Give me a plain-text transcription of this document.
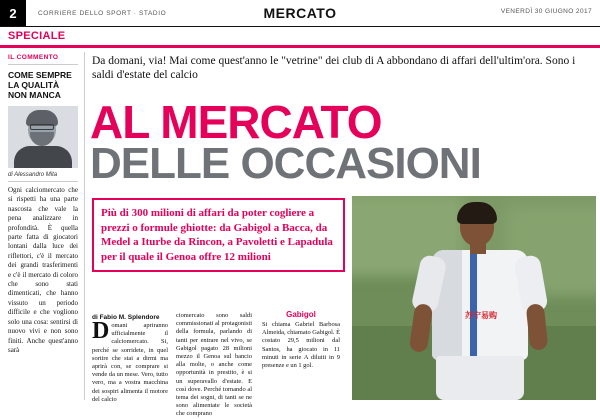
2	CORRIERE DELLO SPORT · STADIO	MERCATO	VENERDÌ 30 GIUGNO 2017
SPECIALE
IL COMMENTO
COME SEMPRE LA QUALITÀ NON MANCA
di Alessandro Mita
Ogni calciomercato che si rispetti ha una parte nascosta che vale la pena analizzare in profondità. È quella parte fatta di giocatori lontani dalla luce dei riflettori, c'è il mercato dei grandi trasferimenti e c'è il mercato di coloro che sono stati dimenticati, che hanno vissuto un periodo difficile e che vogliono solo una cosa: sentirsi di nuovo vivi e non sono finiti. Anche quest'anno sarà
Da domani, via! Mai come quest'anno le "vetrine" dei club di A abbondano di affari dell'ultim'ora. Sono i saldi d'estate del calcio
AL MERCATO
DELLE OCCASIONI
Più di 300 milioni di affari da poter cogliere a prezzi o formule ghiotte: da Gabigol a Bacca, da Medel a Iturbe da Rincon, a Pavoletti e Lapadula per il quale il Genoa offre 12 milioni
苏宁易购
di Fabio M. Splendore
Domani apriranno ufficialmente il calciomercato. Si, perché se sorridete, in quel sortire che stai a dirmi ma aprirà con, se comprare si vende da un mese. Vero, tutto vero, ma a vostra macchina dei sospiri alimenta il motore del calcio
ciomercato sono saldi commissionati al protagonisti della formula, parlando di tanti per entrare nel vivo, se Gabigol pagato 28 milioni mezzo il Genoa sul bancio alla molte, o anche come opportunità in prestito, è si un superavallo d'estate. E così dove. Perché tornando al tema dei sogni, di tanti se ne sono alimentate le società che comprano
Gabigol
Si chiama Gabriel Barbosa Almeida, chiamato Gabigol. È costato 29,5 milioni dal Santos, ha giocato in 11 minuti in serie A diluiti in 9 presenze e un 1 gol.
